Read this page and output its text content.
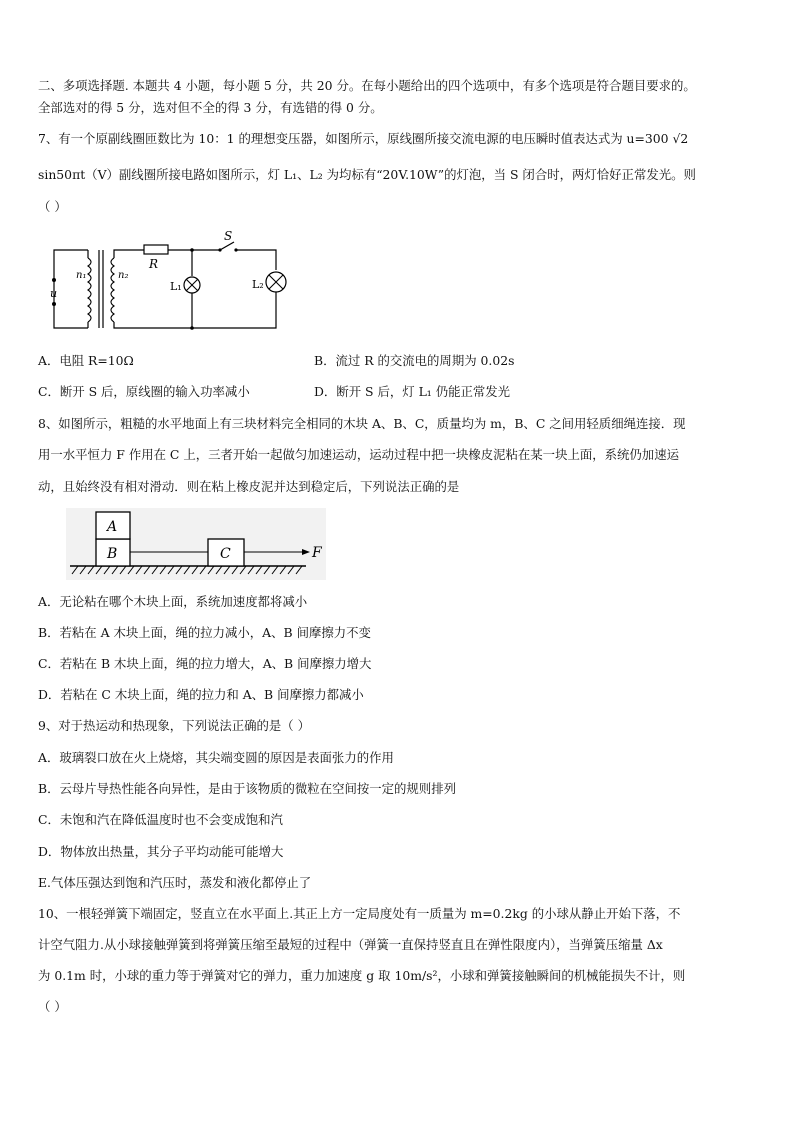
二、多项选择题. 本题共 4 小题，每小题 5 分，共 20 分。在每小题给出的四个选项中，有多个选项是符合题目要求的。
全部选对的得 5 分，选对但不全的得 3 分，有选错的得 0 分。
7、有一个原副线圈匝数比为 10：1 的理想变压器，如图所示，原线圈所接交流电源的电压瞬时值表达式为 u=300 √2
sin50πt（V）副线圈所接电路如图所示，灯 L₁、L₂ 为均标有“20V.10W”的灯泡，当 S 闭合时，两灯恰好正常发光。则
（ ）
u
n₁	n₂
R
S
L₁	L₂
A．电阻 R=10Ω	B．流过 R 的交流电的周期为 0.02s
C．断开 S 后，原线圈的输入功率减小	D．断开 S 后，灯 L₁ 仍能正常发光
8、如图所示，粗糙的水平地面上有三块材料完全相同的木块 A、B、C，质量均为 m，B、C 之间用轻质细绳连接．现
用一水平恒力 F 作用在 C 上，三者开始一起做匀加速运动，运动过程中把一块橡皮泥粘在某一块上面，系统仍加速运
动，且始终没有相对滑动．则在粘上橡皮泥并达到稳定后，下列说法正确的是
B
A
C	F
A．无论粘在哪个木块上面，系统加速度都将减小
B．若粘在 A 木块上面，绳的拉力减小，A、B 间摩擦力不变
C．若粘在 B 木块上面，绳的拉力增大，A、B 间摩擦力增大
D．若粘在 C 木块上面，绳的拉力和 A、B 间摩擦力都减小
9、对于热运动和热现象，下列说法正确的是（ ）
A．玻璃裂口放在火上烧熔，其尖端变圆的原因是表面张力的作用
B．云母片导热性能各向异性，是由于该物质的微粒在空间按一定的规则排列
C．未饱和汽在降低温度时也不会变成饱和汽
D．物体放出热量，其分子平均动能可能增大
E.气体压强达到饱和汽压时，蒸发和液化都停止了
10、一根轻弹簧下端固定，竖直立在水平面上.其正上方一定局度处有一质量为 m=0.2kg 的小球从静止开始下落，不
计空气阻力.从小球接触弹簧到将弹簧压缩至最短的过程中（弹簧一直保持竖直且在弹性限度内），当弹簧压缩量 Δx
为 0.1m 时，小球的重力等于弹簧对它的弹力，重力加速度 g 取 10m/s²，小球和弹簧接触瞬间的机械能损失不计，则
（ ）
